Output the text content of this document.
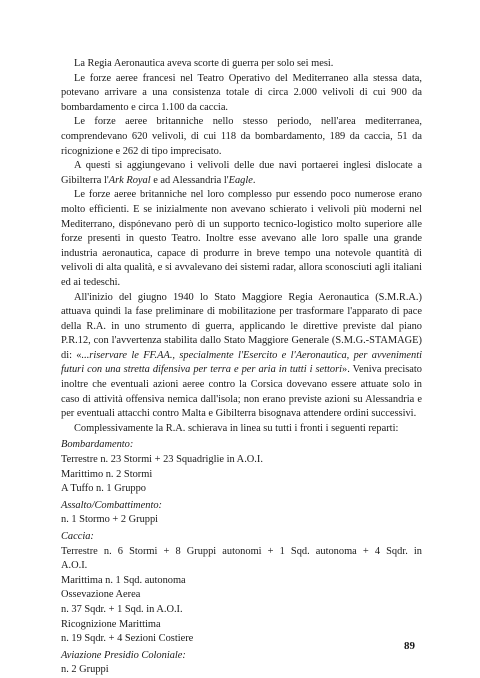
La Regia Aeronautica aveva scorte di guerra per solo sei mesi.

Le forze aeree francesi nel Teatro Operativo del Mediterraneo alla stessa data, potevano arrivare a una consistenza totale di circa 2.000 velivoli di cui 900 da bombardamento e circa 1.100 da caccia.

Le forze aeree britanniche nello stesso periodo, nell'area mediterranea, comprendevano 620 velivoli, di cui 118 da bombardamento, 189 da caccia, 51 da ricognizione e 262 di tipo imprecisato.

A questi si aggiungevano i velivoli delle due navi portaerei inglesi dislocate a Gibilterra l'Ark Royal e ad Alessandria l'Eagle.

Le forze aeree britanniche nel loro complesso pur essendo poco numerose erano molto efficienti. E se inizialmente non avevano schierato i velivoli più moderni nel Mediterrano, dispónevano però di un supporto tecnico-logistico molto superiore alle forze presenti in questo Teatro. Inoltre esse avevano alle loro spalle una grande industria aeronautica, capace di produrre in breve tempo una notevole quantità di velivoli di alta qualità, e si avvalevano dei sistemi radar, allora sconosciuti agli italiani ed ai tedeschi.

All'inizio del giugno 1940 lo Stato Maggiore Regia Aeronautica (S.M.R.A.) attuava quindi la fase preliminare di mobilitazione per trasformare l'apparato di pace della R.A. in uno strumento di guerra, applicando le direttive previste dal piano P.R.12, con l'avvertenza stabilita dallo Stato Maggiore Generale (S.M.G.-STAMAGE) di: «...riservare le FF.AA., specialmente l'Esercito e l'Aeronautica, per avvenimenti futuri con una stretta difensiva per terra e per aria in tutti i settori». Veniva precisato inoltre che eventuali azioni aeree contro la Corsica dovevano essere attuate solo in caso di attività offensiva nemica dall'isola; non erano previste azioni su Alessandria e per eventuali attacchi contro Malta e Gibilterra bisognava attendere ordini successivi.

Complessivamente la R.A. schierava in linea su tutti i fronti i seguenti reparti:

Bombardamento:

Terrestre n. 23 Stormi + 23 Squadriglie in A.O.I.

Marittimo n. 2 Stormi

A Tuffo n. 1 Gruppo

Assalto/Combattimento:

n. 1 Stormo + 2 Gruppi

Caccia:

Terrestre n. 6 Stormi + 8 Gruppi autonomi + 1 Sqd. autonoma + 4 Sqdr. in

A.O.I.

Marittima n. 1 Sqd. autonoma

Ossevazione Aerea

n. 37 Sqdr. + 1 Sqd. in A.O.I.

Ricognizione Marittima

n. 19 Sqdr. + 4 Sezioni Costiere

Aviazione Presidio Coloniale:

n. 2 Gruppi

89
